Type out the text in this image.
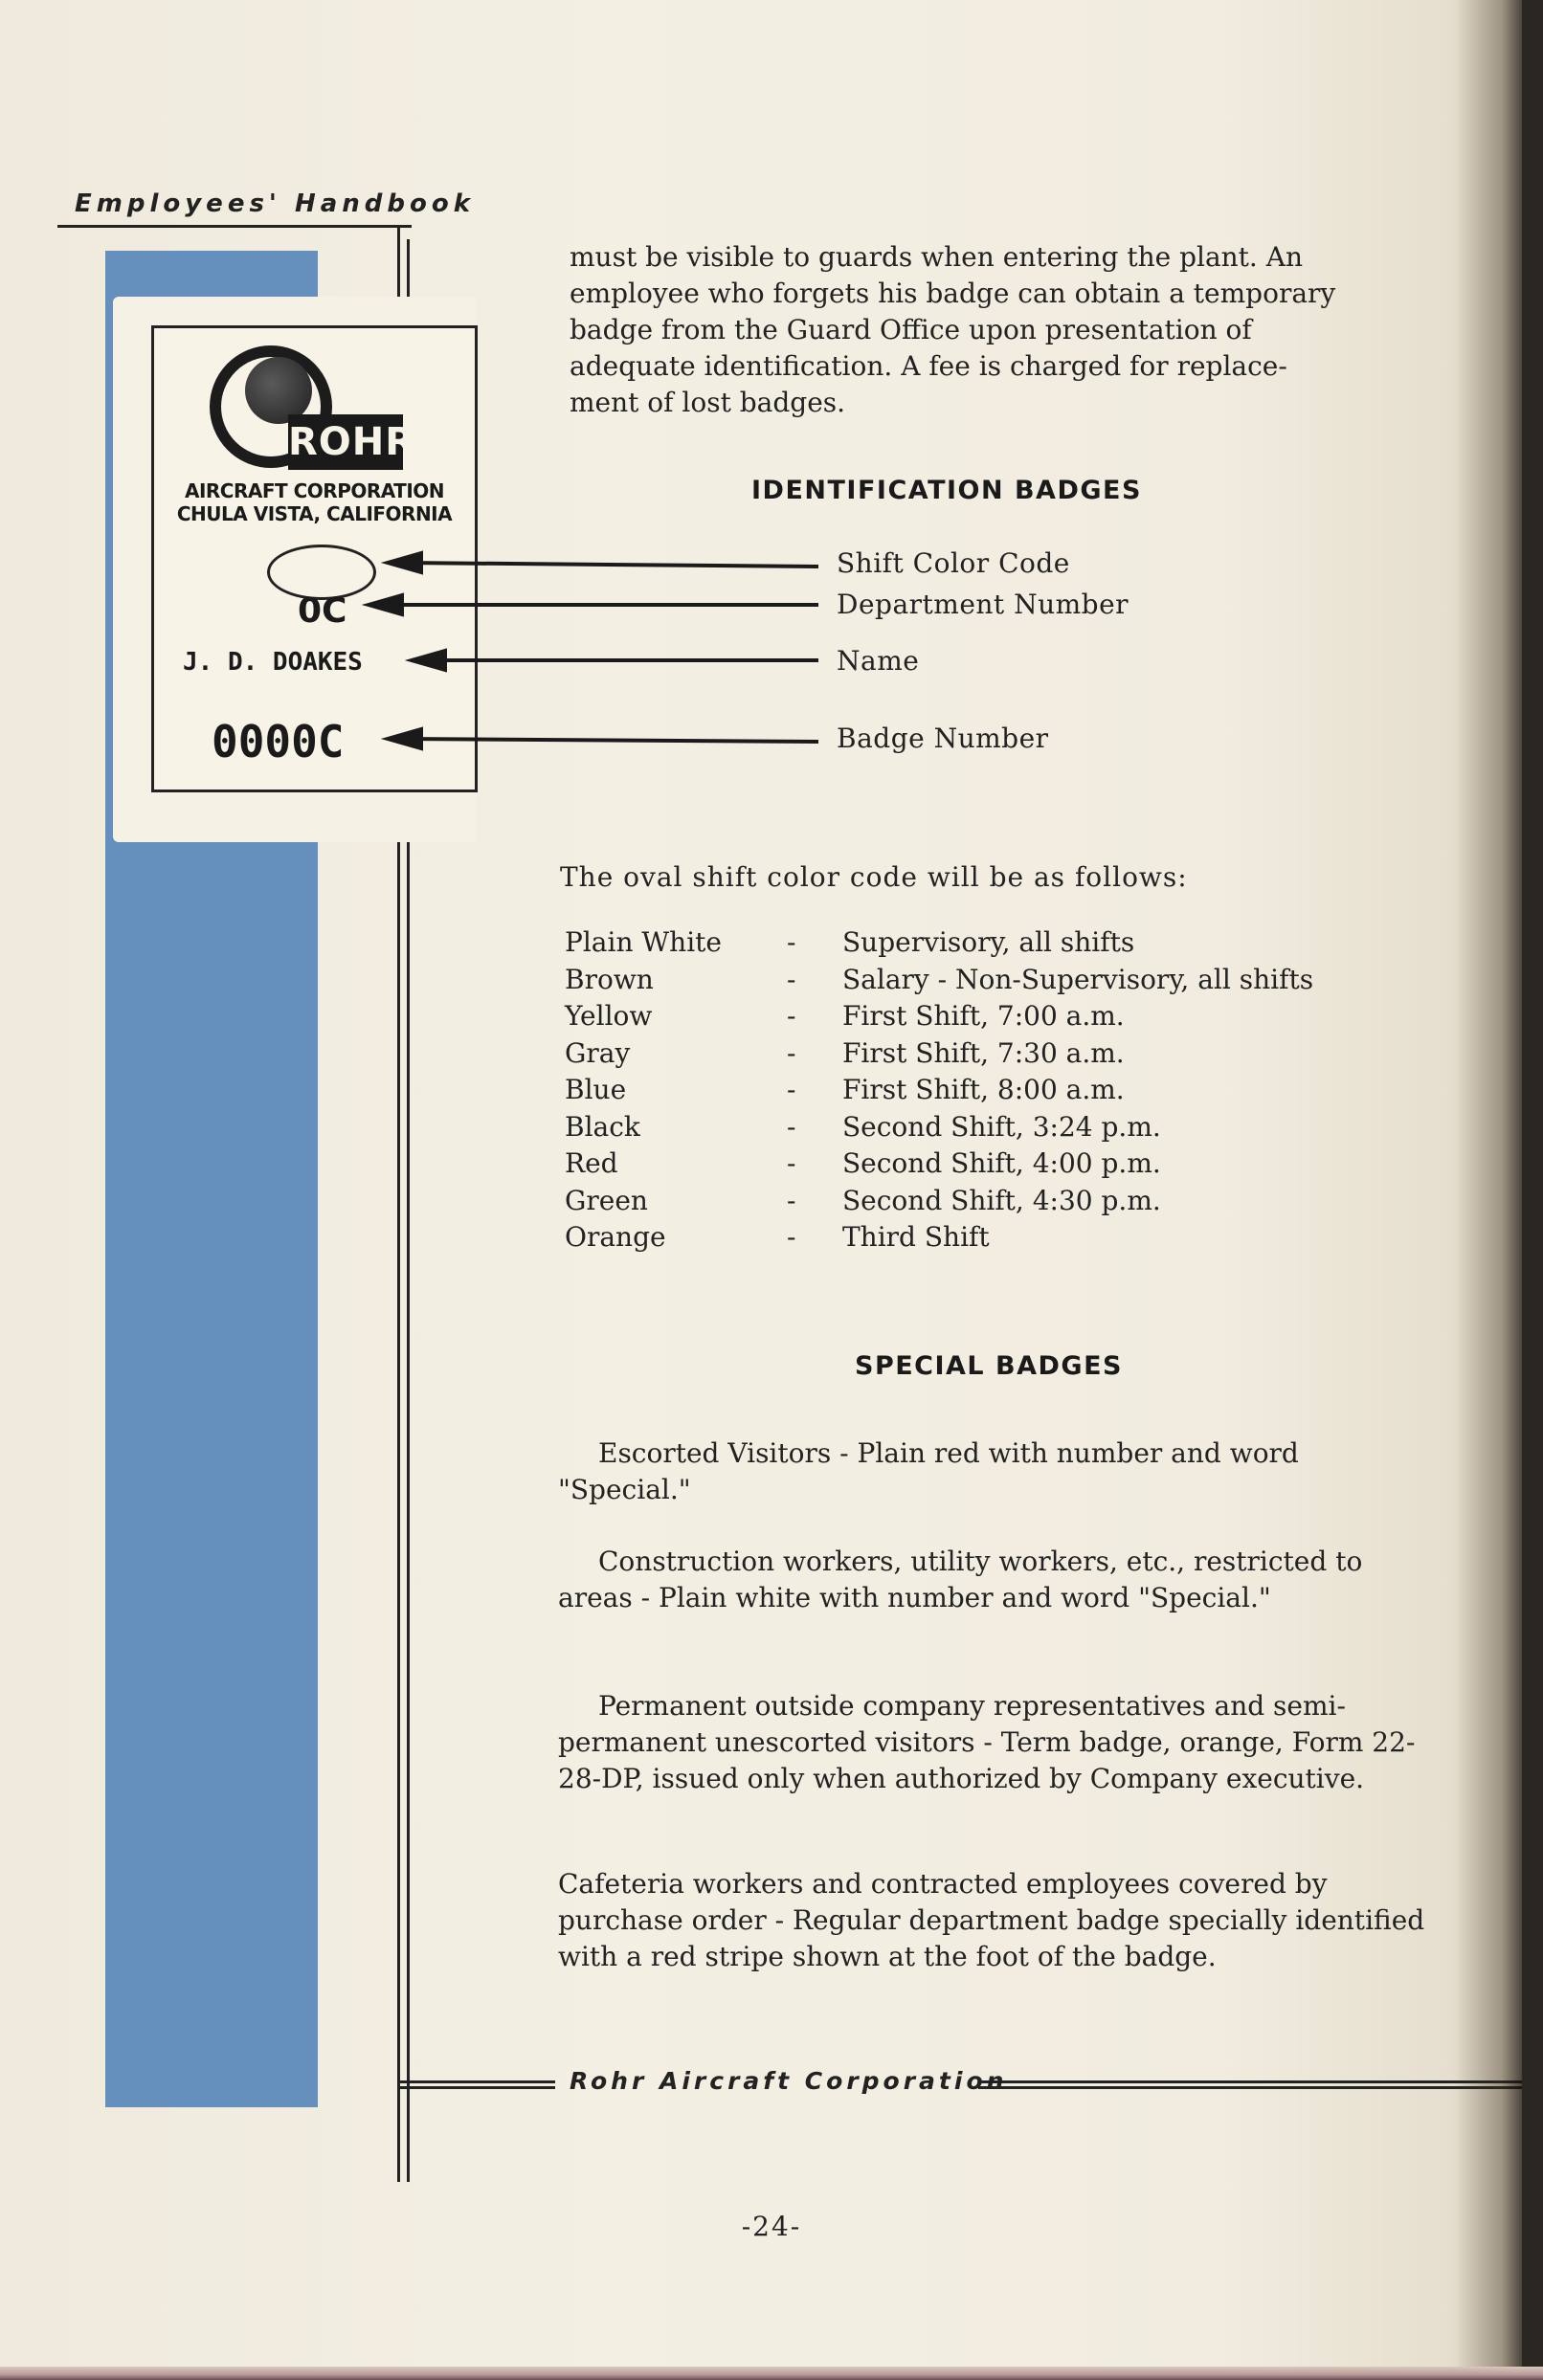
Employees' Handbook
ROHR
AIRCRAFT CORPORATION
CHULA VISTA, CALIFORNIA
0C
J. D. DOAKES
0000C
must be visible to guards when entering the plant. An
employee who forgets his badge can obtain a temporary
badge from the Guard Office upon presentation of
adequate identification. A fee is charged for replace-
ment of lost badges.
IDENTIFICATION BADGES
Shift Color Code
Department Number
Name
Badge Number
The oval shift color code will be as follows:
Plain White - Supervisory, all shifts
Brown	- Salary - Non-Supervisory, all shifts
Yellow	- First Shift, 7:00 a.m.
Gray	- First Shift, 7:30 a.m.
Blue	- First Shift, 8:00 a.m.
Black	- Second Shift, 3:24 p.m.
Red	- Second Shift, 4:00 p.m.
Green	- Second Shift, 4:30 p.m.
Orange	- Third Shift
SPECIAL BADGES

Escorted Visitors - Plain red with number and word "Special."

Construction workers, utility workers, etc., restricted to areas - Plain white with number and word "Special."

Permanent outside company representatives and semi-permanent unescorted visitors - Term badge, orange, Form 22-28-DP, issued only when authorized by Company executive.

Cafeteria workers and contracted employees covered by purchase order - Regular department badge specially identified with a red stripe shown at the foot of the badge.

Rohr Aircraft Corporation
-24-
